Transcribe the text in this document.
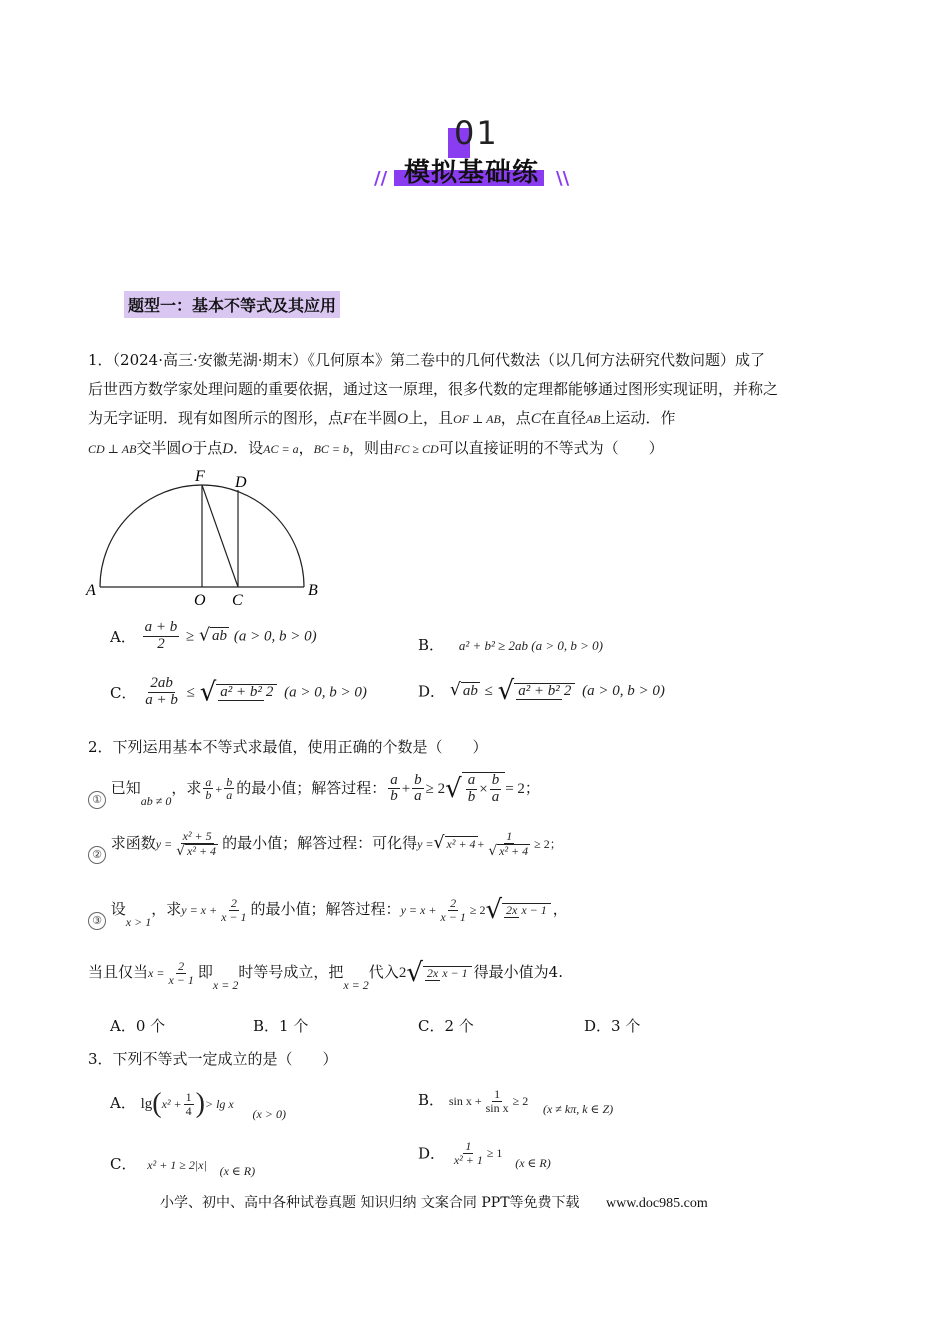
01
模拟基础练
//	\\
题型一：基本不等式及其应用
1．（2024·高三·安徽芜湖·期末）《几何原本》第二卷中的几何代数法（以几何方法研究代数问题）成了
后世西方数学家处理问题的重要依据，通过这一原理，很多代数的定理都能够通过图形实现证明，并称之
为无字证明．现有如图所示的图形，点F在半圆O上，且OF ⊥ AB，点C在直径AB上运动．作
CD ⊥ AB交半圆O于点D．设AC = a，BC = b，则由FC ≥ CD可以直接证明的不等式为（　　）
A	B
O C
F D
A． $\frac{a + b}{2}$ ≥ √ ab (a > 0, b > 0)	B． a² + b² ≥ 2ab (a > 0, b > 0)
C． $\frac{2ab}{a + b}$ ≤ √ a² + b² 2 (a > 0, b > 0)	D． √ ab ≤ √ a² + b² 2 (a > 0, b > 0)
2．下列运用基本不等式求最值，使用正确的个数是（　　）
① 已知$_{ab \ne 0}$，求 $\frac{a}{b} + \frac{b}{a}$ 的最小值；解答过程： $\frac{a}{b} + \frac{b}{a} \ge 2√ \frac{a}{b} \times \frac{b}{a} = 2$；
② 求函数$y = \frac{\text{x² + 5}}{\text{√ x² + 4}}$ 的最小值；解答过程：可化得y =√ $x^2 + 4 + \frac{1}{\text{√ x² + 4}} \ge 2$；
③ 设$_{x > 1}$，求$y = x + \frac{2}{x - 1}$ 的最小值；解答过程：$y = x + \frac{2}{x - 1} \ge 2√$ 2x x − 1 ，
当且仅当$x = \frac{2}{x - 1}$ 即$_{x = 2}$时等号成立，把$_{x = 2}$代入2√ 2x x − 1 得最小值为4.
A．0 个	B．1 个	C．2 个	D．3 个
3．下列不等式一定成立的是（　　）
A． $\lg(x^2 + \frac{1}{4}$ )> lg x $_{(x > 0)}$
B． $\sin x + \frac{1}{\text{sin x}} \ge 2$ $_{(x \ne k\pi, k \in Z)}$
C． x² + 1 ≥ 2|x| $_{(x \in R)}$
D． $\frac{1}{\text{x² + 1}} \ge 1$ $_{(x \in R)}$
小学、初中、高中各种试卷真题 知识归纳 文案合同 PPT等免费下载 www.doc985.com
